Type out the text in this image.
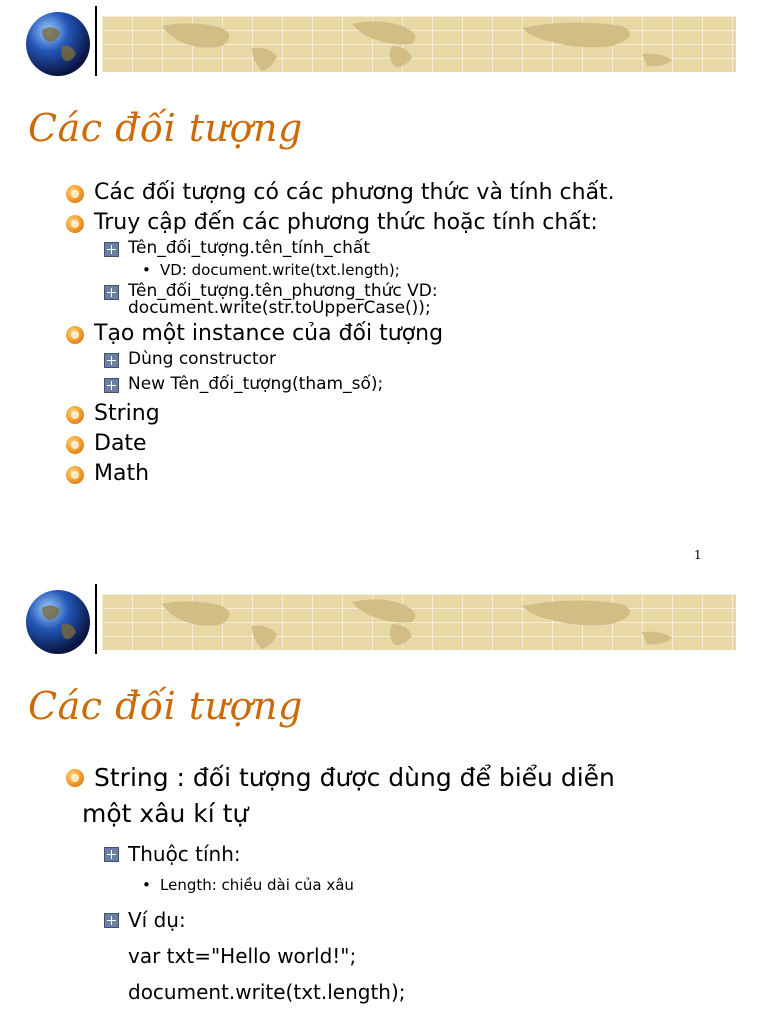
Các đối tượng
Các đối tượng có các phương thức và tính chất.
Truy cập đến các phương thức hoặc tính chất:
Tên_đối_tượng.tên_tính_chất
• VD: document.write(txt.length);
Tên_đối_tượng.tên_phương_thức VD:
document.write(str.toUpperCase());
Tạo một instance của đối tượng
Dùng constructor
New Tên_đối_tượng(tham_số);
String
Date
Math
1
Các đối tượng
String : đối tượng được dùng để biểu diễn
một xâu kí tự
Thuộc tính:
• Length: chiều dài của xâu
Ví dụ:
var txt="Hello world!";
document.write(txt.length);
